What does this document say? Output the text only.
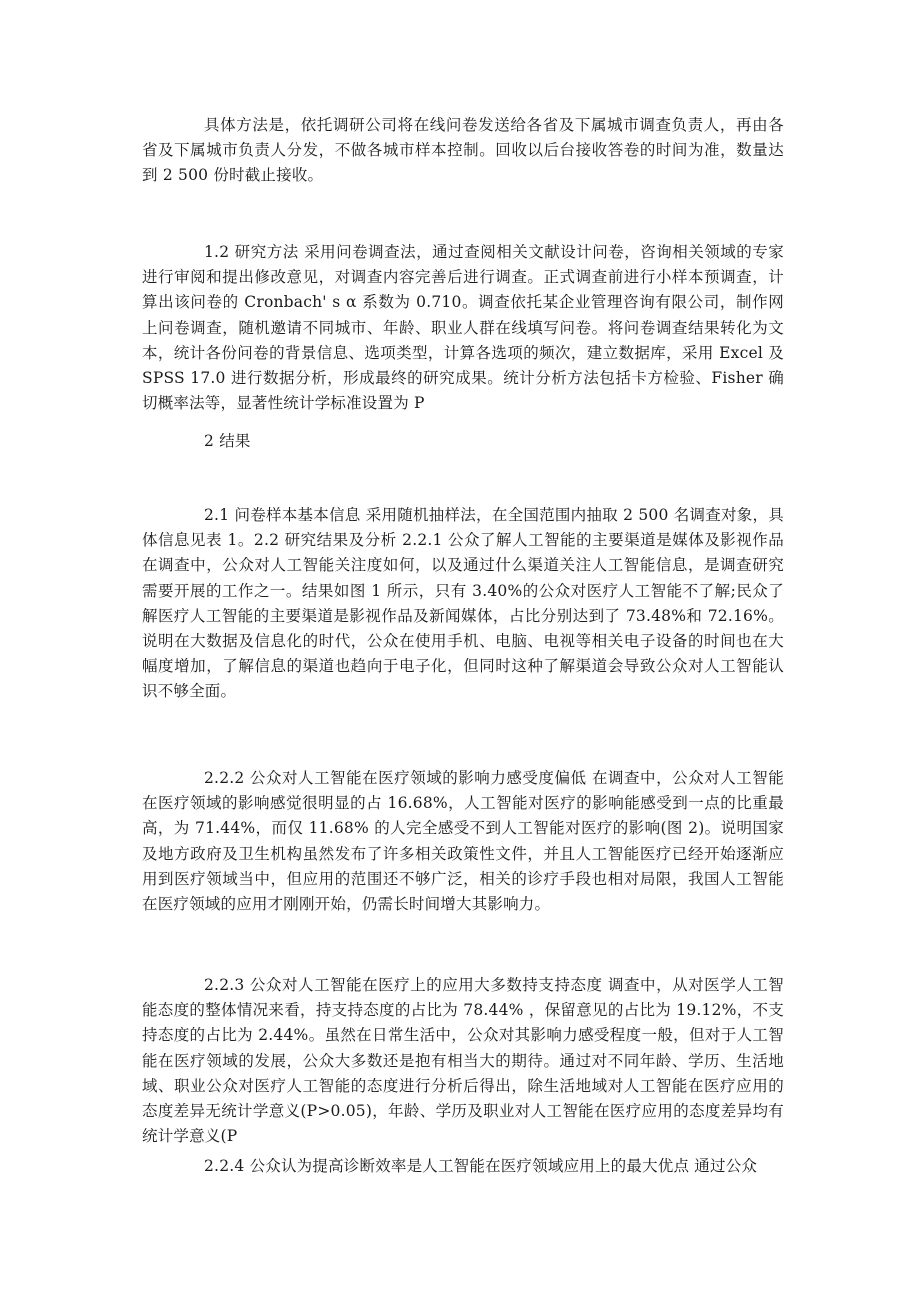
具体方法是，依托调研公司将在线问卷发送给各省及下属城市调查负责人，再由各省及下属城市负责人分发，不做各城市样本控制。回收以后台接收答卷的时间为准，数量达到 2 500 份时截止接收。

1.2 研究方法 采用问卷调查法，通过查阅相关文献设计问卷，咨询相关领域的专家进行审阅和提出修改意见，对调查内容完善后进行调查。正式调查前进行小样本预调查，计算出该问卷的 Cronbach' s α 系数为 0.710。调查依托某企业管理咨询有限公司，制作网上问卷调查，随机邀请不同城市、年龄、职业人群在线填写问卷。将问卷调查结果转化为文本，统计各份问卷的背景信息、选项类型，计算各选项的频次，建立数据库，采用 Excel 及 SPSS 17.0 进行数据分析，形成最终的研究成果。统计分析方法包括卡方检验、Fisher 确切概率法等，显著性统计学标准设置为 P

2 结果

2.1 问卷样本基本信息 采用随机抽样法，在全国范围内抽取 2 500 名调查对象，具体信息见表 1。2.2 研究结果及分析 2.2.1 公众了解人工智能的主要渠道是媒体及影视作品 在调查中，公众对人工智能关注度如何，以及通过什么渠道关注人工智能信息，是调查研究需要开展的工作之一。结果如图 1 所示，只有 3.40%的公众对医疗人工智能不了解;民众了解医疗人工智能的主要渠道是影视作品及新闻媒体，占比分别达到了 73.48%和 72.16%。说明在大数据及信息化的时代，公众在使用手机、电脑、电视等相关电子设备的时间也在大幅度增加，了解信息的渠道也趋向于电子化，但同时这种了解渠道会导致公众对人工智能认识不够全面。

2.2.2 公众对人工智能在医疗领域的影响力感受度偏低 在调查中，公众对人工智能在医疗领域的影响感觉很明显的占 16.68%，人工智能对医疗的影响能感受到一点的比重最高，为 71.44%，而仅 11.68% 的人完全感受不到人工智能对医疗的影响(图 2)。说明国家及地方政府及卫生机构虽然发布了许多相关政策性文件，并且人工智能医疗已经开始逐渐应用到医疗领域当中，但应用的范围还不够广泛，相关的诊疗手段也相对局限，我国人工智能在医疗领域的应用才刚刚开始，仍需长时间增大其影响力。

2.2.3 公众对人工智能在医疗上的应用大多数持支持态度 调查中，从对医学人工智能态度的整体情况来看，持支持态度的占比为 78.44% ，保留意见的占比为 19.12%，不支持态度的占比为 2.44%。虽然在日常生活中，公众对其影响力感受程度一般，但对于人工智能在医疗领域的发展，公众大多数还是抱有相当大的期待。通过对不同年龄、学历、生活地域、职业公众对医疗人工智能的态度进行分析后得出，除生活地域对人工智能在医疗应用的态度差异无统计学意义(P>0.05)，年龄、学历及职业对人工智能在医疗应用的态度差异均有统计学意义(P

2.2.4 公众认为提高诊断效率是人工智能在医疗领域应用上的最大优点 通过公众
